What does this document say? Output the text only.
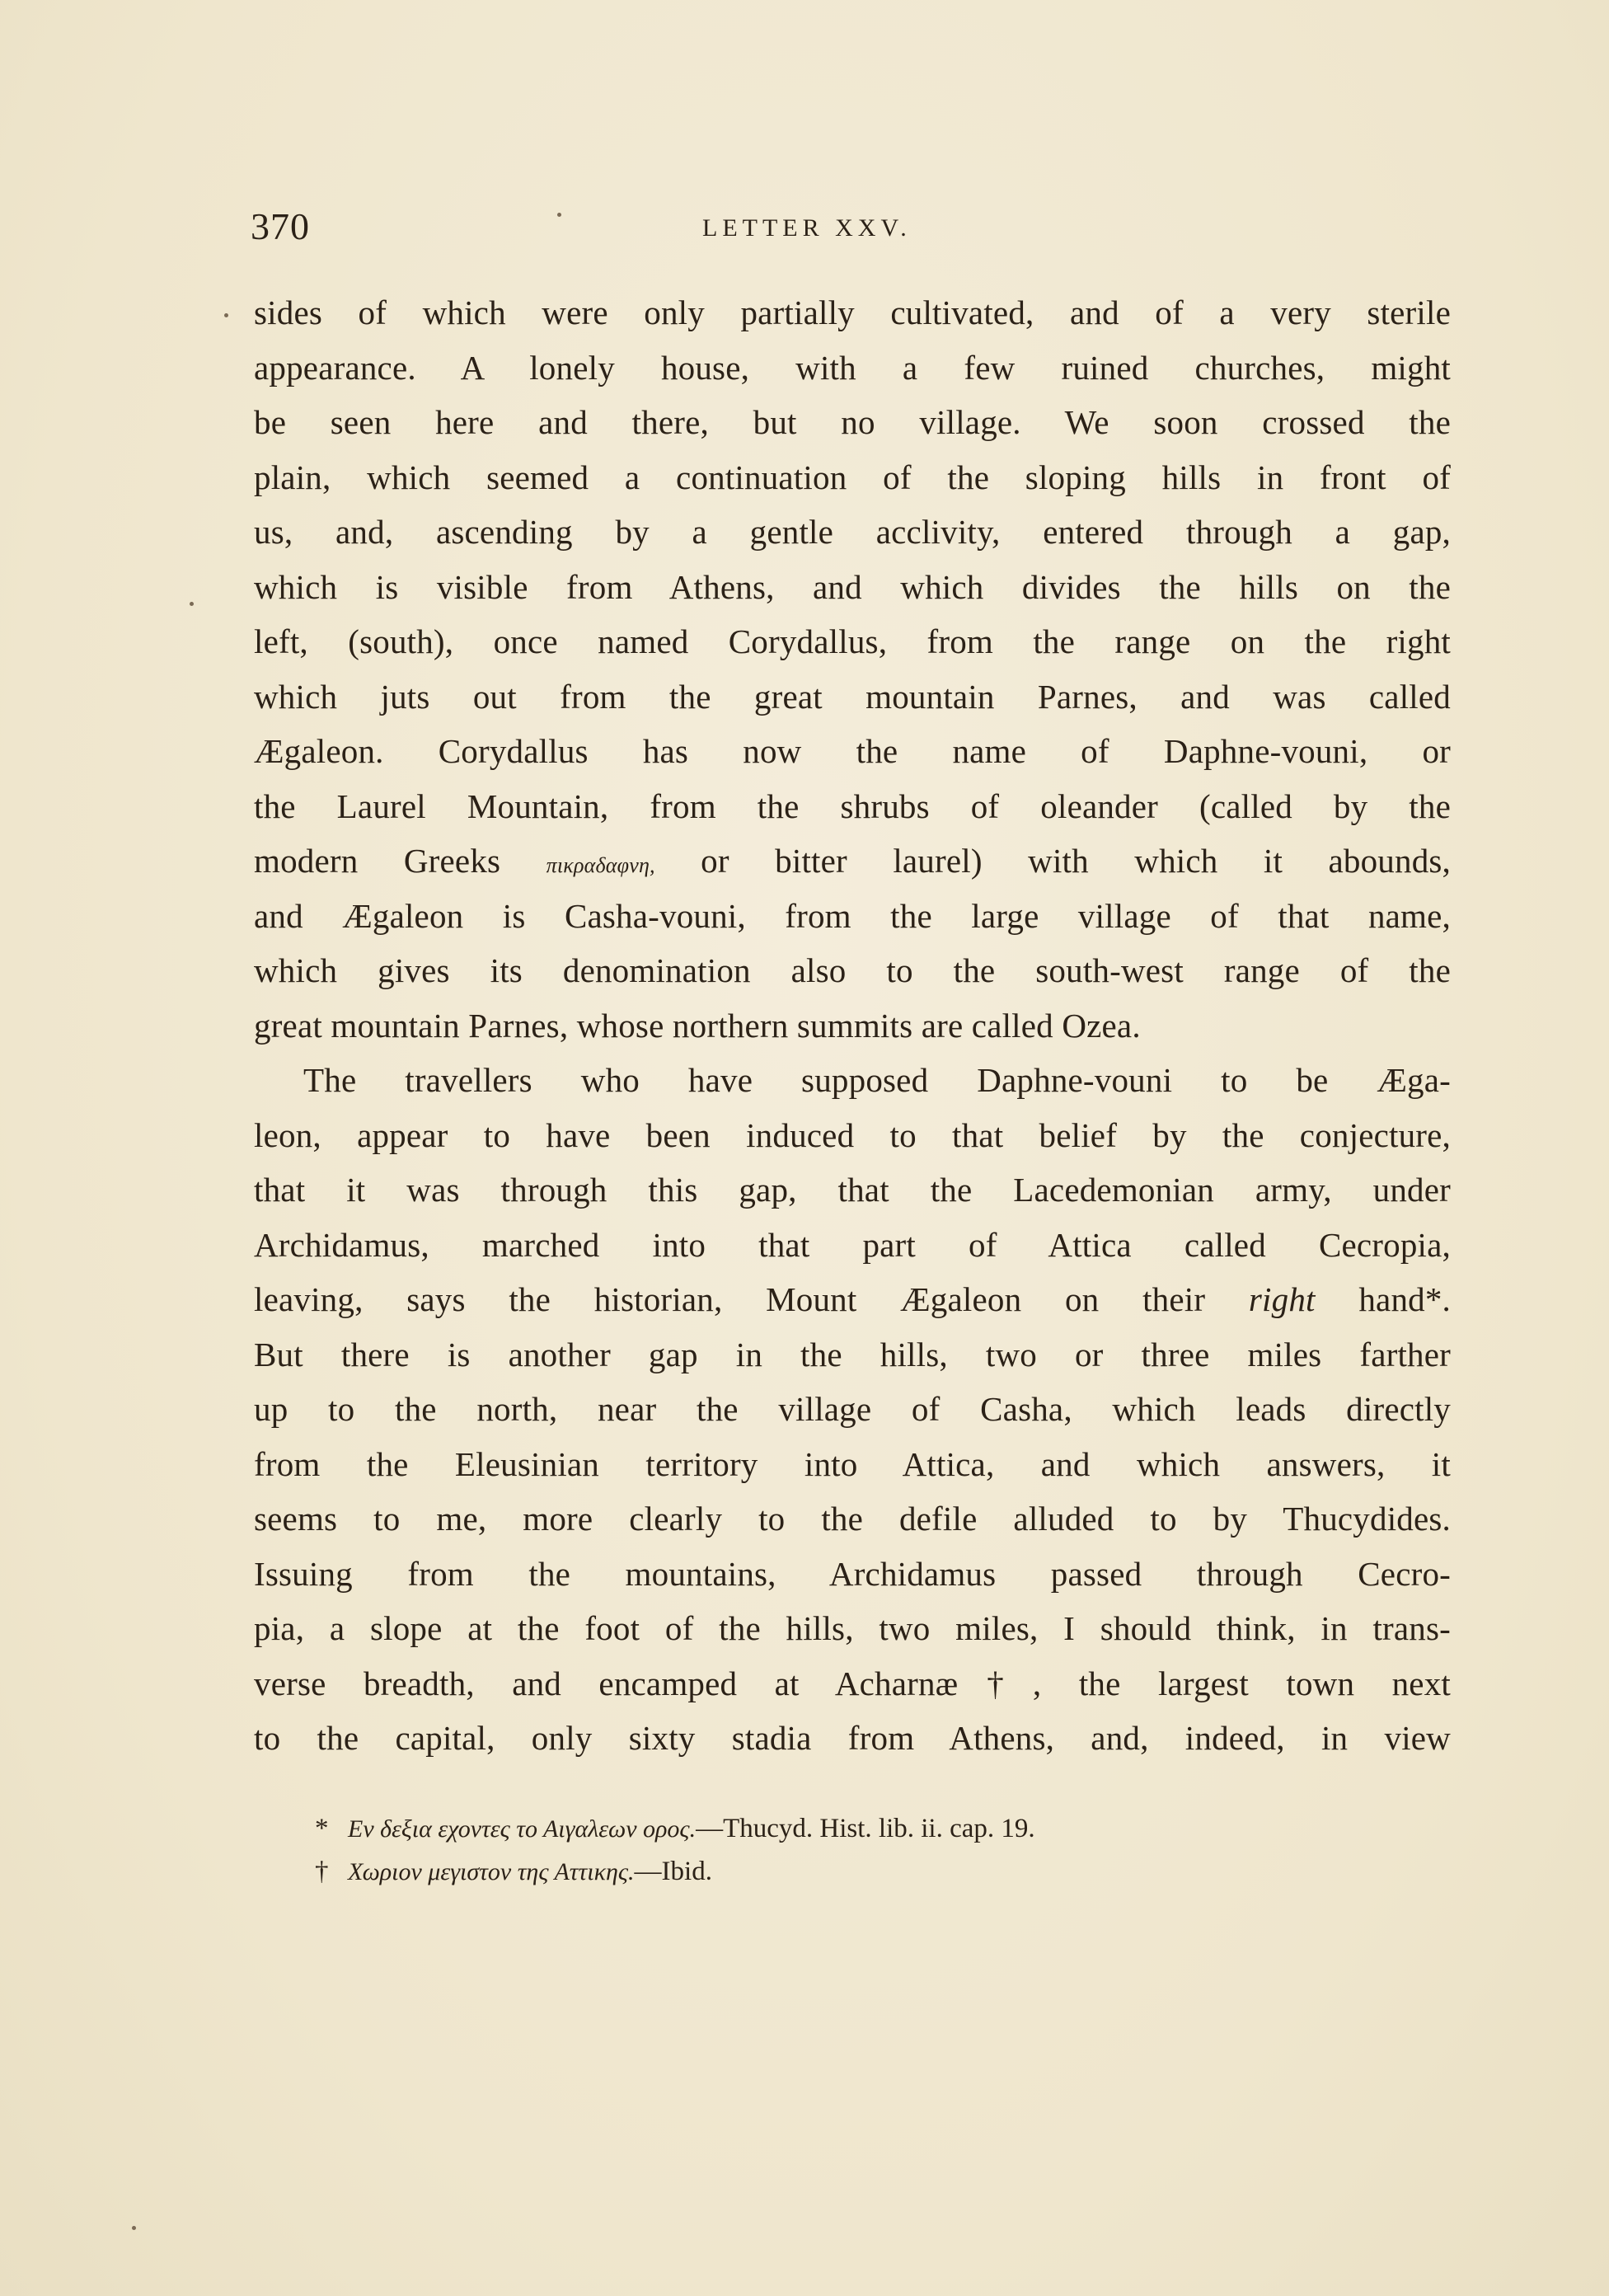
370	LETTER XXV.
sides of which were only partially cultivated, and of a very sterile
appearance. A lonely house, with a few ruined churches, might
be seen here and there, but no village. We soon crossed the
plain, which seemed a continuation of the sloping hills in front of
us, and, ascending by a gentle acclivity, entered through a gap,
which is visible from Athens, and which divides the hills on the
left, (south), once named Corydallus, from the range on the right
which juts out from the great mountain Parnes, and was called
Ægaleon. Corydallus has now the name of Daphne-vouni, or
the Laurel Mountain, from the shrubs of oleander (called by the
modern Greeks πικραδαφνη, or bitter laurel) with which it abounds,
and Ægaleon is Casha-vouni, from the large village of that name,
which gives its denomination also to the south-west range of the
great mountain Parnes, whose northern summits are called Ozea.
The travellers who have supposed Daphne-vouni to be Æga-
leon, appear to have been induced to that belief by the conjecture,
that it was through this gap, that the Lacedemonian army, under
Archidamus, marched into that part of Attica called Cecropia,
leaving, says the historian, Mount Ægaleon on their right hand*.
But there is another gap in the hills, two or three miles farther
up to the north, near the village of Casha, which leads directly
from the Eleusinian territory into Attica, and which answers, it
seems to me, more clearly to the defile alluded to by Thucydides.
Issuing from the mountains, Archidamus passed through Cecro-
pia, a slope at the foot of the hills, two miles, I should think, in trans-
verse breadth, and encamped at Acharnæ†, the largest town next
to the capital, only sixty stadia from Athens, and, indeed, in view
* Εν δεξια εχοντες το Αιγαλεων ορος.—Thucyd. Hist. lib. ii. cap. 19.
† Χωριον μεγιστον της Αττικης.—Ibid.
